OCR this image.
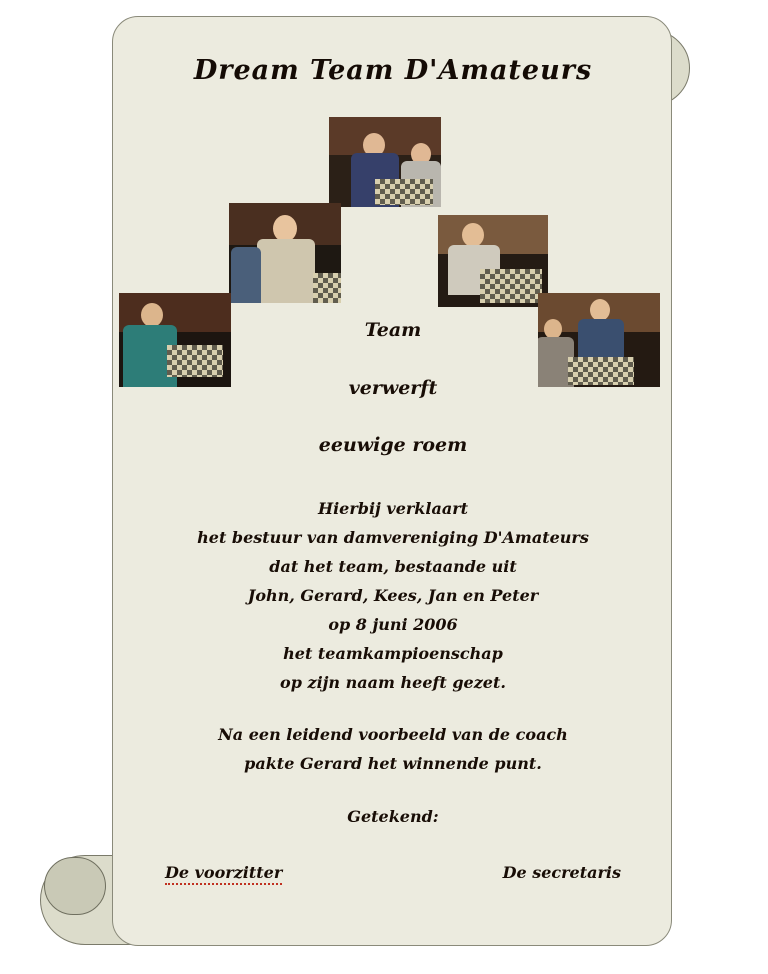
Dream Team D'Amateurs
Team
verwerft
eeuwige roem
Hierbij verklaart
het bestuur van damvereniging D'Amateurs
dat het team, bestaande uit
John, Gerard, Kees, Jan en Peter
op 8 juni 2006
het teamkampioenschap
op zijn naam heeft gezet.
Na een leidend voorbeeld van de coach
pakte Gerard het winnende punt.
Getekend:
De voorzitter	De secretaris
